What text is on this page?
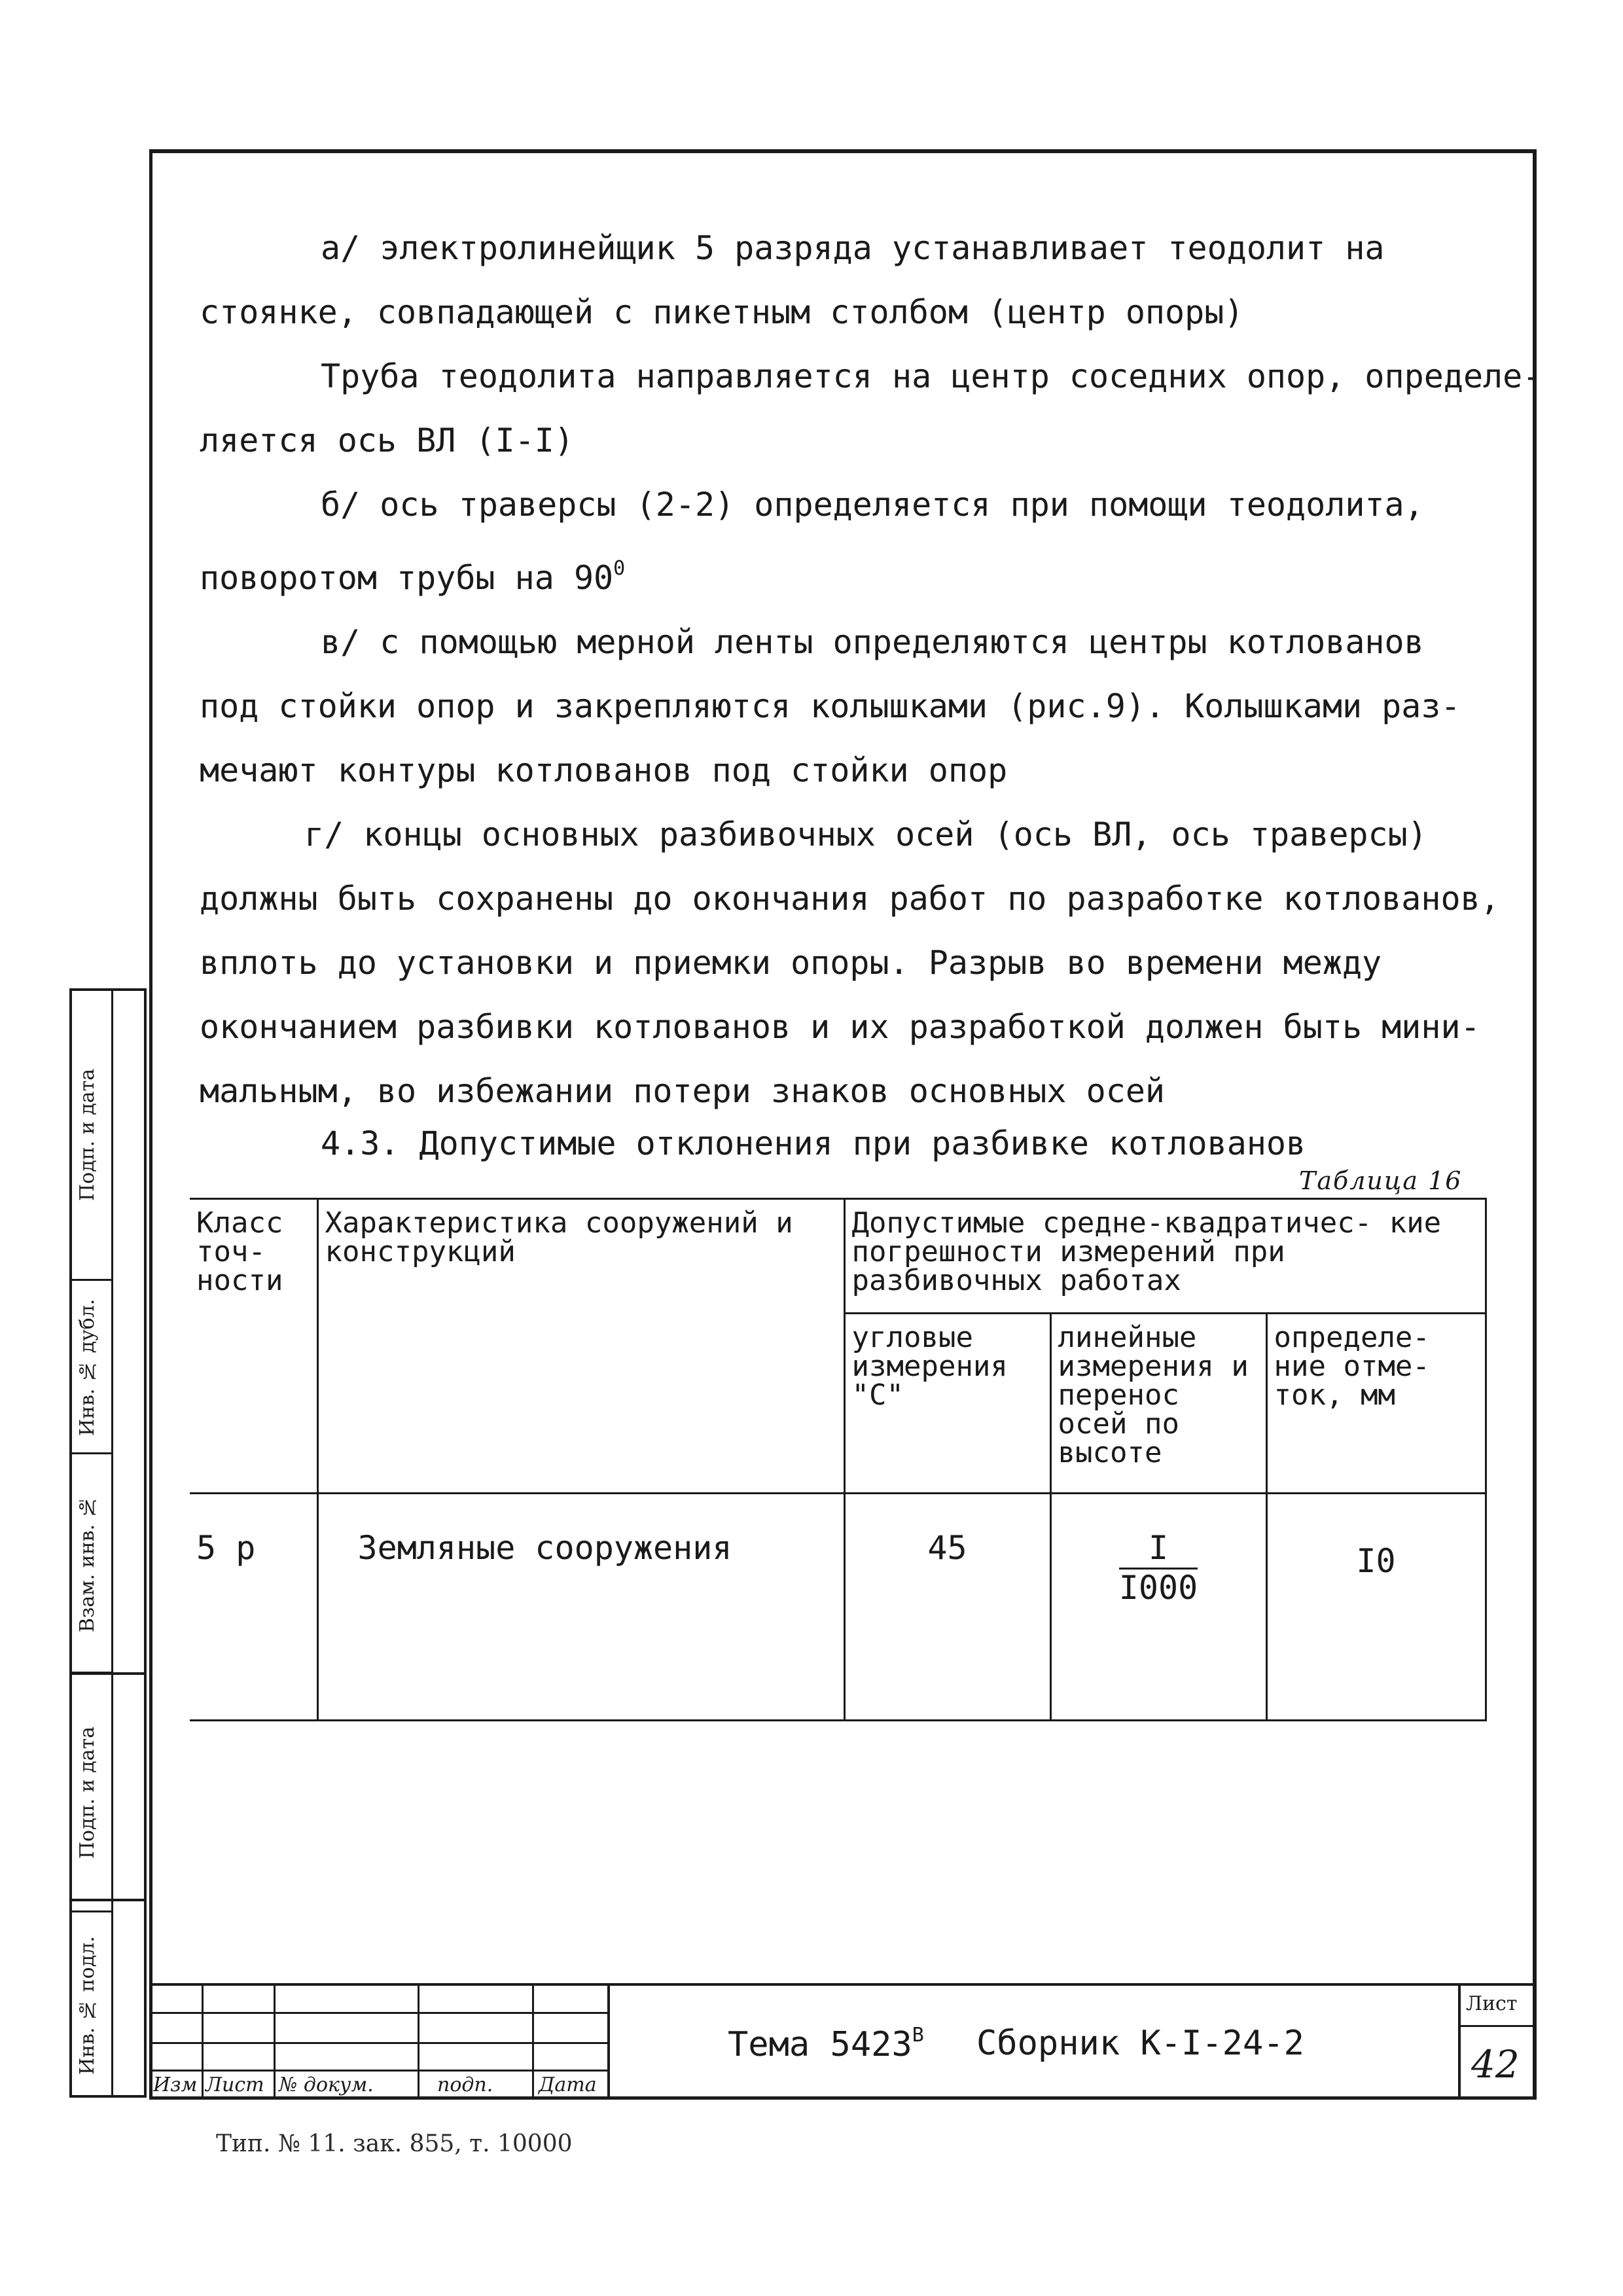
Подп. и дата
Инв. № дубл.
Взам. инв. №
Подп. и дата
Инв. № подл.

а/ электролинейщик 5 разряда устанавливает теодолит на
стоянке, совпадающей с пикетным столбом (центр опоры)

Труба теодолита направляется на центр соседних опор, определе-
ляется ось ВЛ (I-I)

б/ ось траверсы (2-2) определяется при помощи теодолита,
поворотом трубы на $90^0$

в/ с помощью мерной ленты определяются центры котлованов
под стойки опор и закрепляются колышками (рис.9). Колышками раз-
мечают контуры котлованов под стойки опор

г/ концы основных разбивочных осей (ось ВЛ, ось траверсы)
должны быть сохранены до окончания работ по разработке котлованов,
вплоть до установки и приемки опоры. Разрыв во времени между
окончанием разбивки котлованов и их разработкой должен быть мини-
мальным, во избежании потери знаков основных осей

4.3. Допустимые отклонения при разбивке котлованов
Таблица 16
Класс точ- ности	Характеристика сооружений и конструкций	Допустимые средне-квадратичес- кие погрешности измерений при разбивочных работах		
		угловые измерения "С"	линейные измерения и перенос осей по высоте	определе- ние отме- ток, мм
5 р	Земляные сооружения	45	$\frac{I}{I000}$	I0
Изм Лист № докум.	подп. Дата
Тема $5423^В$ Сборник К-I-24-2
Лист
42
Тип. № 11. зак. 855, т. 10000
